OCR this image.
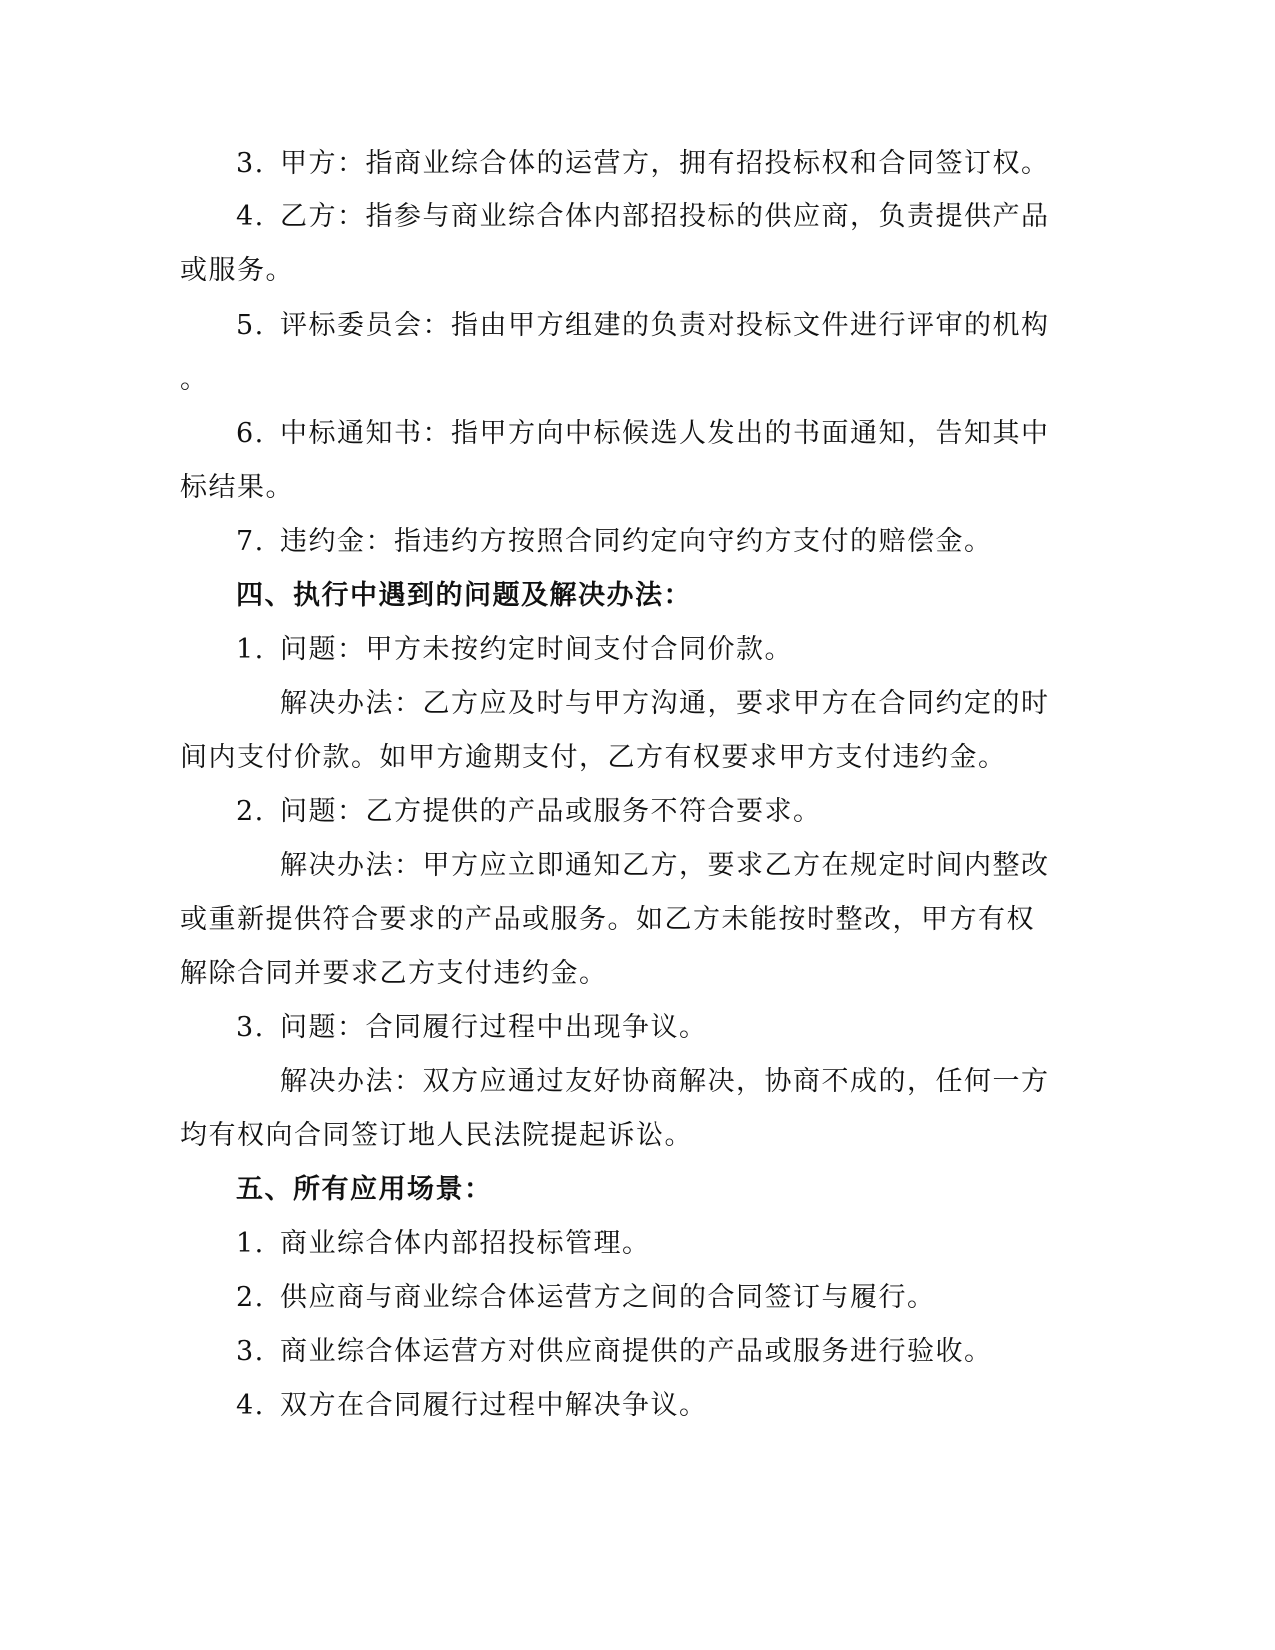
3. 甲方：指商业综合体的运营方，拥有招投标权和合同签订权。
4. 乙方：指参与商业综合体内部招投标的供应商，负责提供产品
或服务。
5. 评标委员会：指由甲方组建的负责对投标文件进行评审的机构
。
6. 中标通知书：指甲方向中标候选人发出的书面通知，告知其中
标结果。
7. 违约金：指违约方按照合同约定向守约方支付的赔偿金。
四、执行中遇到的问题及解决办法：
1. 问题：甲方未按约定时间支付合同价款。
解决办法：乙方应及时与甲方沟通，要求甲方在合同约定的时
间内支付价款。如甲方逾期支付，乙方有权要求甲方支付违约金。
2. 问题：乙方提供的产品或服务不符合要求。
解决办法：甲方应立即通知乙方，要求乙方在规定时间内整改
或重新提供符合要求的产品或服务。如乙方未能按时整改，甲方有权
解除合同并要求乙方支付违约金。
3. 问题：合同履行过程中出现争议。
解决办法：双方应通过友好协商解决，协商不成的，任何一方
均有权向合同签订地人民法院提起诉讼。
五、所有应用场景：
1. 商业综合体内部招投标管理。
2. 供应商与商业综合体运营方之间的合同签订与履行。
3. 商业综合体运营方对供应商提供的产品或服务进行验收。
4. 双方在合同履行过程中解决争议。
